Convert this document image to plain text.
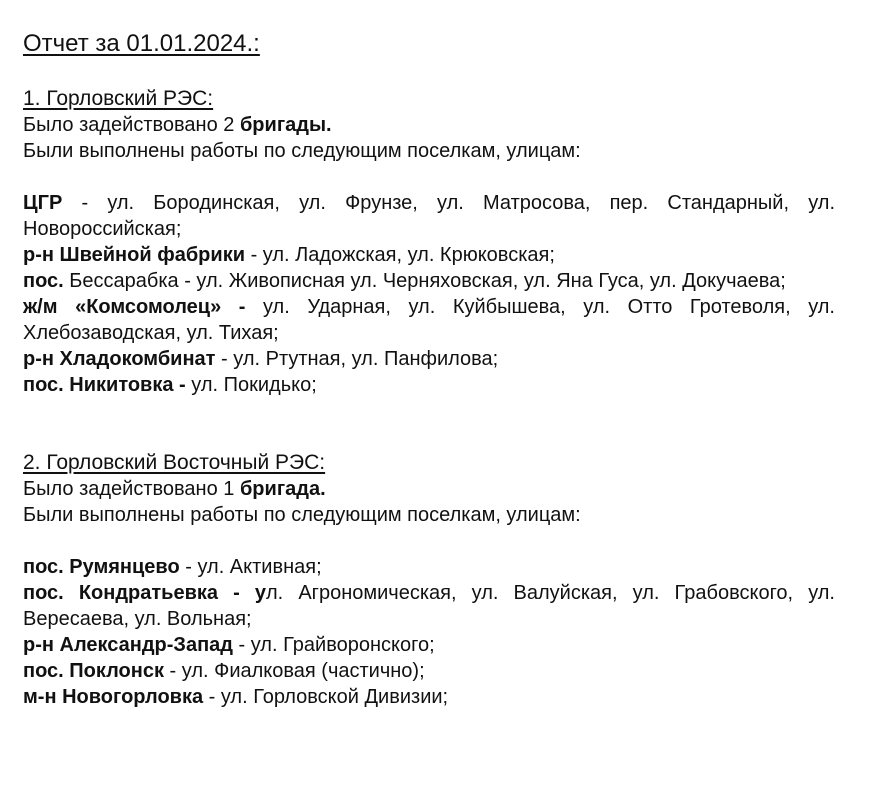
Отчет за 01.01.2024.:
1. Горловский РЭС:
Было задействовано 2 бригады.
Были выполнены работы по следующим поселкам, улицам:
ЦГР - ул. Бородинская, ул. Фрунзе, ул. Матросова, пер. Стандарный, ул. Новороссийская;
р-н Швейной фабрики - ул. Ладожская, ул. Крюковская;
пос. Бессарабка - ул. Живописная ул. Черняховская, ул. Яна Гуса, ул. Докучаева;
ж/м «Комсомолец» - ул. Ударная, ул. Куйбышева, ул. Отто Гротеволя, ул. Хлебозаводская, ул. Тихая;
р-н Хладокомбинат - ул. Ртутная, ул. Панфилова;
пос. Никитовка - ул. Покидько;
2. Горловский Восточный РЭС:
Было задействовано 1 бригада.
Были выполнены работы по следующим поселкам, улицам:
пос. Румянцево - ул. Активная;
пос. Кондратьевка - ул. Агрономическая, ул. Валуйская, ул. Грабовского, ул. Вересаева, ул. Вольная;
р-н Александр-Запад - ул. Грайворонского;
пос. Поклонск - ул. Фиалковая (частично);
м-н Новогорловка - ул. Горловской Дивизии;
